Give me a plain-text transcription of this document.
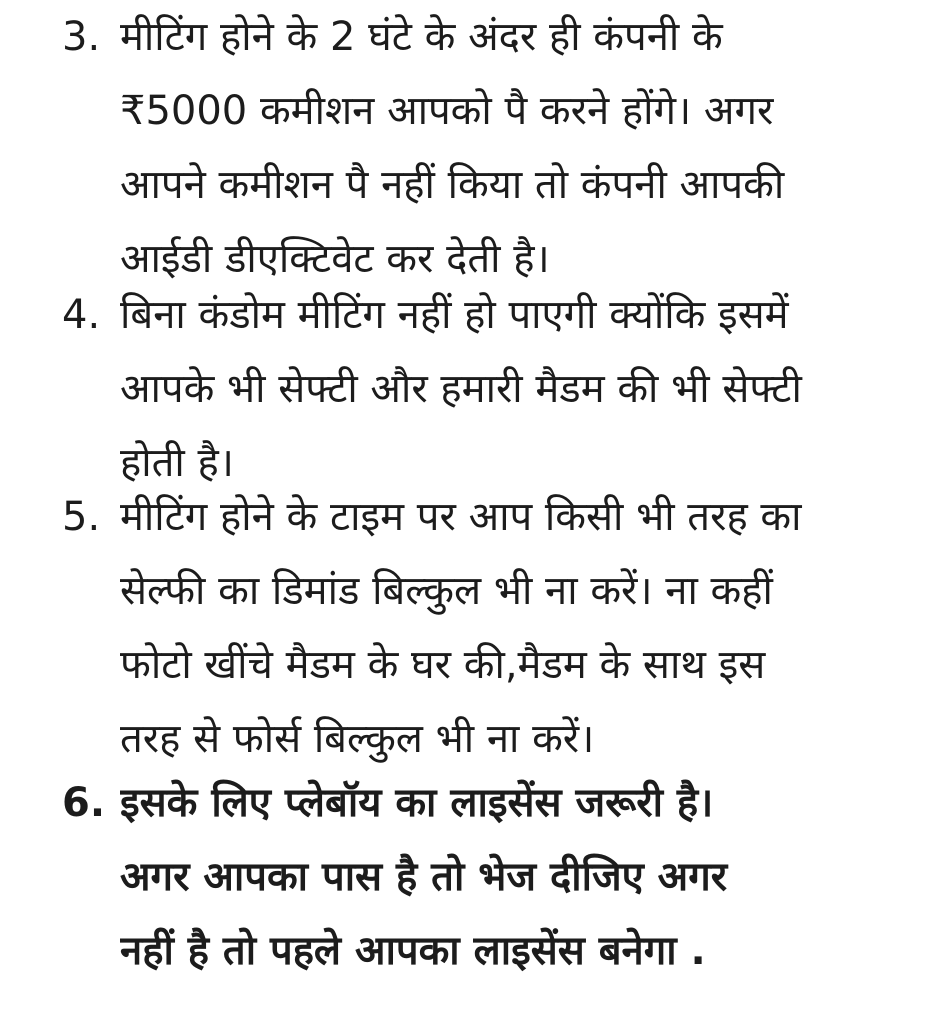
3. मीटिंग होने के 2 घंटे के अंदर ही कंपनी के
₹5000 कमीशन आपको पै करने होंगे। अगर
आपने कमीशन पै नहीं किया तो कंपनी आपकी
आईडी डीएक्टिवेट कर देती है।
4. बिना कंडोम मीटिंग नहीं हो पाएगी क्योंकि इसमें
आपके भी सेफ्टी और हमारी मैडम की भी सेफ्टी
होती है।
5. मीटिंग होने के टाइम पर आप किसी भी तरह का
सेल्फी का डिमांड बिल्कुल भी ना करें। ना कहीं
फोटो खींचे मैडम के घर की,मैडम के साथ इस
तरह से फोर्स बिल्कुल भी ना करें।
6. इसके लिए प्लेबॉय का लाइसेंस जरूरी है।
अगर आपका पास है तो भेज दीजिए अगर
नहीं है तो पहले आपका लाइसेंस बनेगा .
